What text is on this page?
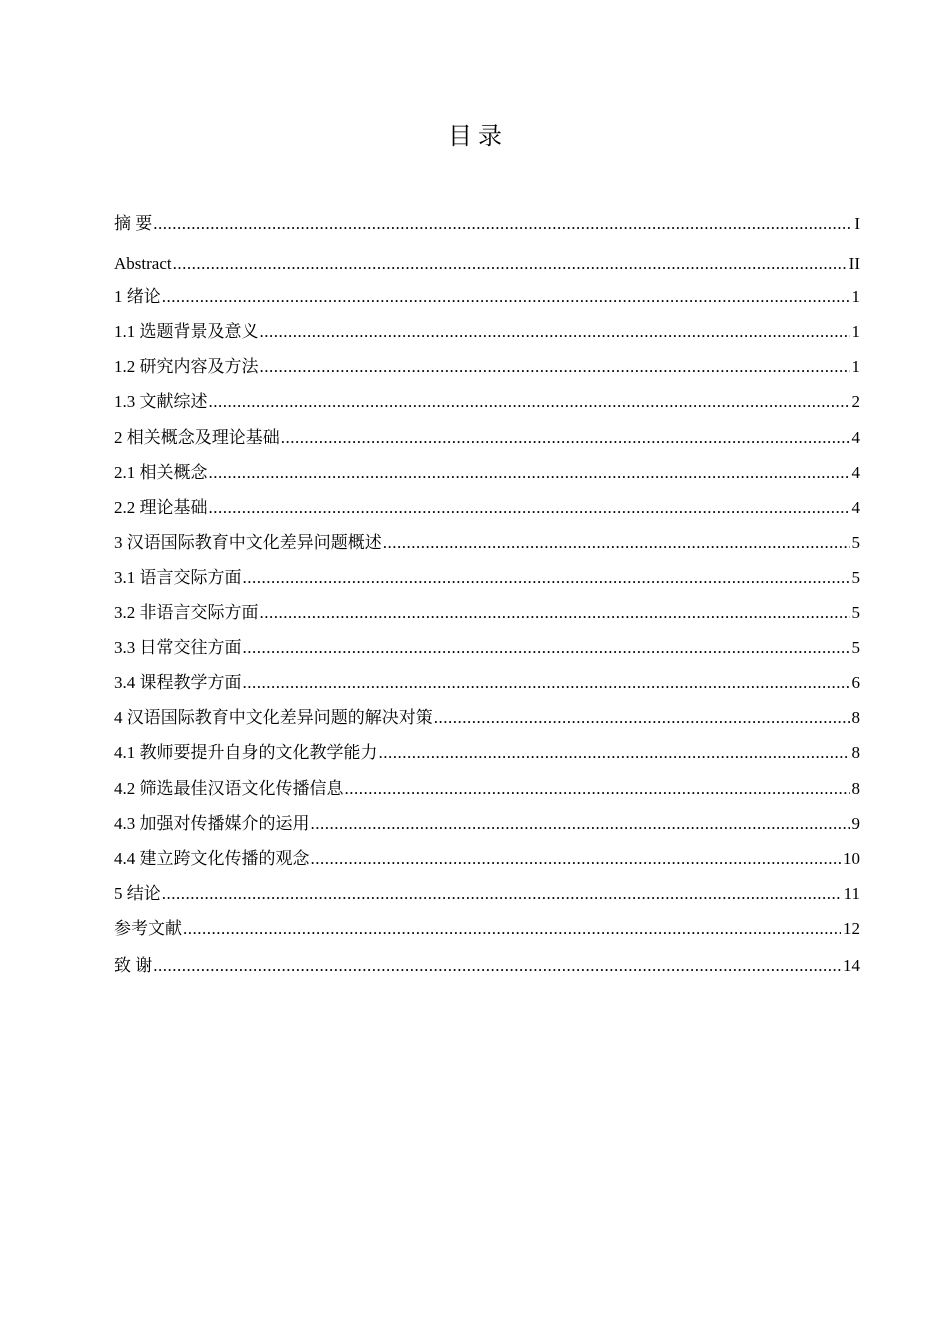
目 录
摘 要 .....	I
Abstract .....	II
1 绪论 .....	1
1.1 选题背景及意义 .....	1
1.2 研究内容及方法 .....	1
1.3 文献综述 .....	2
2 相关概念及理论基础 .....	4
2.1 相关概念 .....	4
2.2 理论基础 .....	4
3 汉语国际教育中文化差异问题概述 .....	5
3.1 语言交际方面 .....	5
3.2 非语言交际方面 .....	5
3.3 日常交往方面 .....	5
3.4 课程教学方面 .....	6
4 汉语国际教育中文化差异问题的解决对策 .....	8
4.1 教师要提升自身的文化教学能力 .....	8
4.2 筛选最佳汉语文化传播信息 .....	8
4.3 加强对传播媒介的运用 .....	9
4.4 建立跨文化传播的观念 .....	10
5 结论 .....	11
参考文献 .....	12
致 谢 .....	14
